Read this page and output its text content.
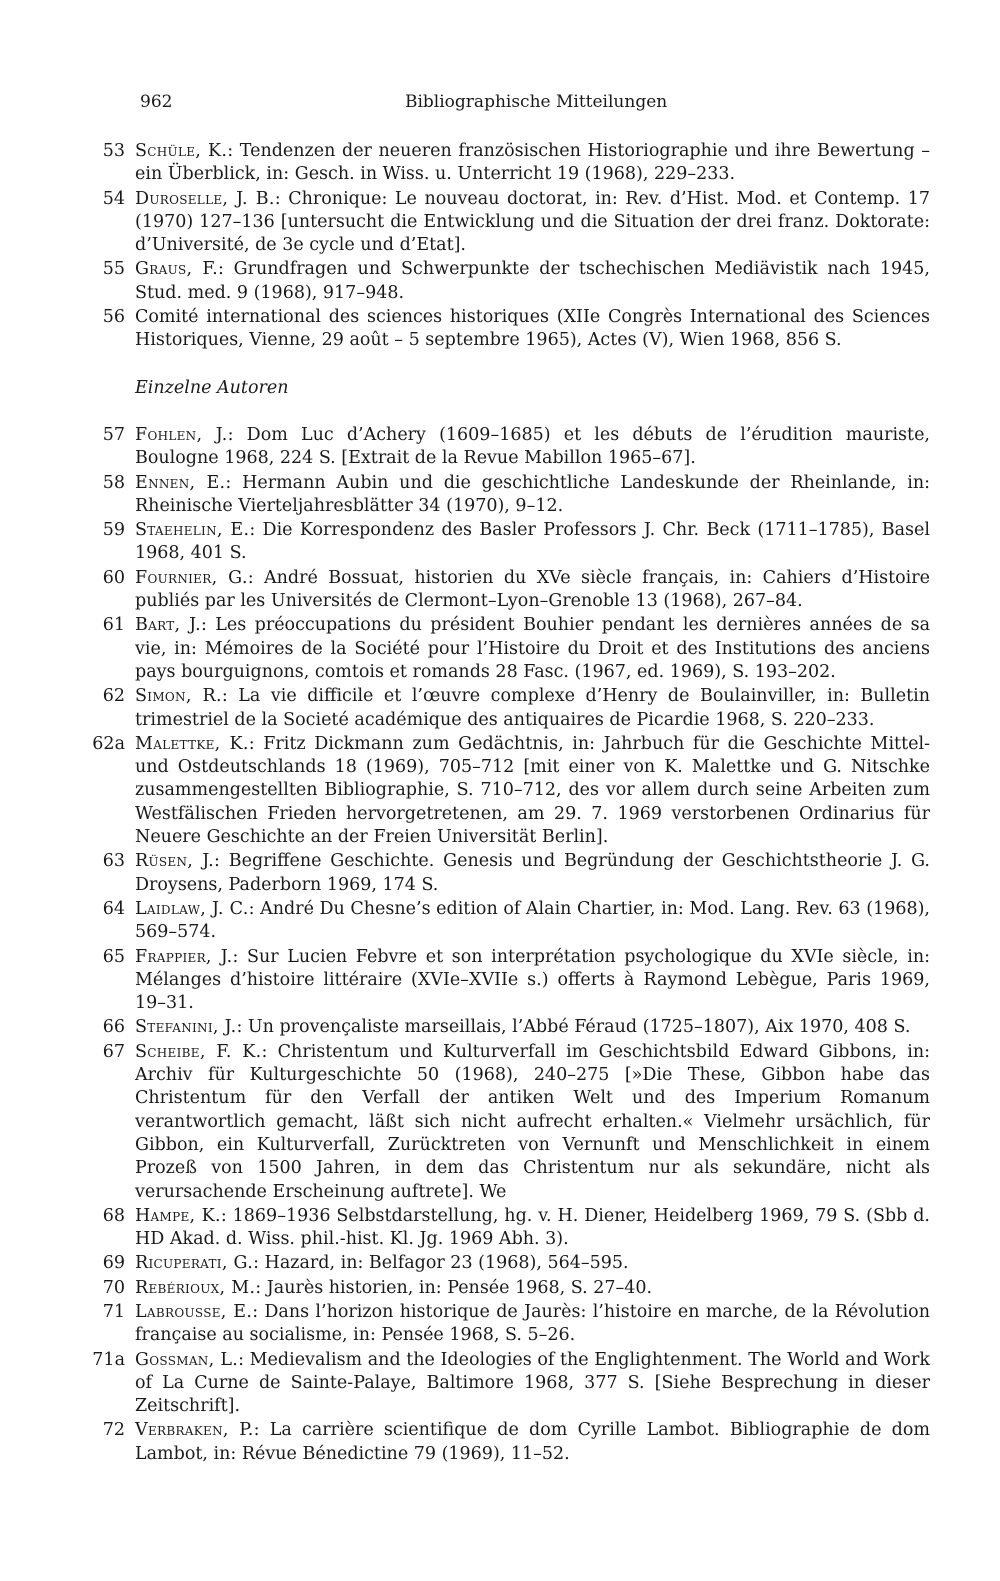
962	Bibliographische Mitteilungen
53 Schüle, K.: Tendenzen der neueren französischen Historiographie und ihre Bewertung – ein Überblick, in: Gesch. in Wiss. u. Unterricht 19 (1968), 229–233.
54 Duroselle, J. B.: Chronique: Le nouveau doctorat, in: Rev. d’Hist. Mod. et Contemp. 17 (1970) 127–136 [untersucht die Entwicklung und die Situation der drei franz. Doktorate: d’Université, de 3e cycle und d’Etat].
55 Graus, F.: Grundfragen und Schwerpunkte der tschechischen Mediävistik nach 1945, Stud. med. 9 (1968), 917–948.
56 Comité international des sciences historiques (XIIe Congrès International des Sciences Historiques, Vienne, 29 août – 5 septembre 1965), Actes (V), Wien 1968, 856 S.
Einzelne Autoren
57 Fohlen, J.: Dom Luc d’Achery (1609–1685) et les débuts de l’érudition mauriste, Boulogne 1968, 224 S. [Extrait de la Revue Mabillon 1965–67].
58 Ennen, E.: Hermann Aubin und die geschichtliche Landeskunde der Rheinlande, in: Rheinische Vierteljahresblätter 34 (1970), 9–12.
59 Staehelin, E.: Die Korrespondenz des Basler Professors J. Chr. Beck (1711–1785), Basel 1968, 401 S.
60 Fournier, G.: André Bossuat, historien du XVe siècle français, in: Cahiers d’Histoire publiés par les Universités de Clermont–Lyon–Grenoble 13 (1968), 267–84.
61 Bart, J.: Les préoccupations du président Bouhier pendant les dernières années de sa vie, in: Mémoires de la Société pour l’Histoire du Droit et des Institutions des anciens pays bourguignons, comtois et romands 28 Fasc. (1967, ed. 1969), S. 193–202.
62 Simon, R.: La vie difficile et l’œuvre complexe d’Henry de Boulainviller, in: Bulletin trimestriel de la Societé académique des antiquaires de Picardie 1968, S. 220–233.
62a Malettke, K.: Fritz Dickmann zum Gedächtnis, in: Jahrbuch für die Geschichte Mittel- und Ostdeutschlands 18 (1969), 705–712 [mit einer von K. Malettke und G. Nitschke zusammengestellten Bibliographie, S. 710–712, des vor allem durch seine Arbeiten zum Westfälischen Frieden hervorgetretenen, am 29. 7. 1969 verstorbenen Ordinarius für Neuere Geschichte an der Freien Universität Berlin].
63 Rüsen, J.: Begriffene Geschichte. Genesis und Begründung der Geschichtstheorie J. G. Droysens, Paderborn 1969, 174 S.
64 Laidlaw, J. C.: André Du Chesne’s edition of Alain Chartier, in: Mod. Lang. Rev. 63 (1968), 569–574.
65 Frappier, J.: Sur Lucien Febvre et son interprétation psychologique du XVIe siècle, in: Mélanges d’histoire littéraire (XVIe–XVIIe s.) offerts à Raymond Lebègue, Paris 1969, 19–31.
66 Stefanini, J.: Un provençaliste marseillais, l’Abbé Féraud (1725–1807), Aix 1970, 408 S.
67 Scheibe, F. K.: Christentum und Kulturverfall im Geschichtsbild Edward Gibbons, in: Archiv für Kulturgeschichte 50 (1968), 240–275 [»Die These, Gibbon habe das Christentum für den Verfall der antiken Welt und des Imperium Romanum verantwortlich gemacht, läßt sich nicht aufrecht erhalten.« Vielmehr ursächlich, für Gibbon, ein Kulturverfall, Zurücktreten von Vernunft und Menschlichkeit in einem Prozeß von 1500 Jahren, in dem das Christentum nur als sekundäre, nicht als verursachende Erscheinung auftrete]. We
68 Hampe, K.: 1869–1936 Selbstdarstellung, hg. v. H. Diener, Heidelberg 1969, 79 S. (Sbb d. HD Akad. d. Wiss. phil.-hist. Kl. Jg. 1969 Abh. 3).
69 Ricuperati, G.: Hazard, in: Belfagor 23 (1968), 564–595.
70 Rebérioux, M.: Jaurès historien, in: Pensée 1968, S. 27–40.
71 Labrousse, E.: Dans l’horizon historique de Jaurès: l’histoire en marche, de la Révolution française au socialisme, in: Pensée 1968, S. 5–26.
71a Gossman, L.: Medievalism and the Ideologies of the Englightenment. The World and Work of La Curne de Sainte-Palaye, Baltimore 1968, 377 S. [Siehe Besprechung in dieser Zeitschrift].
72 Verbraken, P.: La carrière scientifique de dom Cyrille Lambot. Bibliographie de dom Lambot, in: Révue Bénedictine 79 (1969), 11–52.
